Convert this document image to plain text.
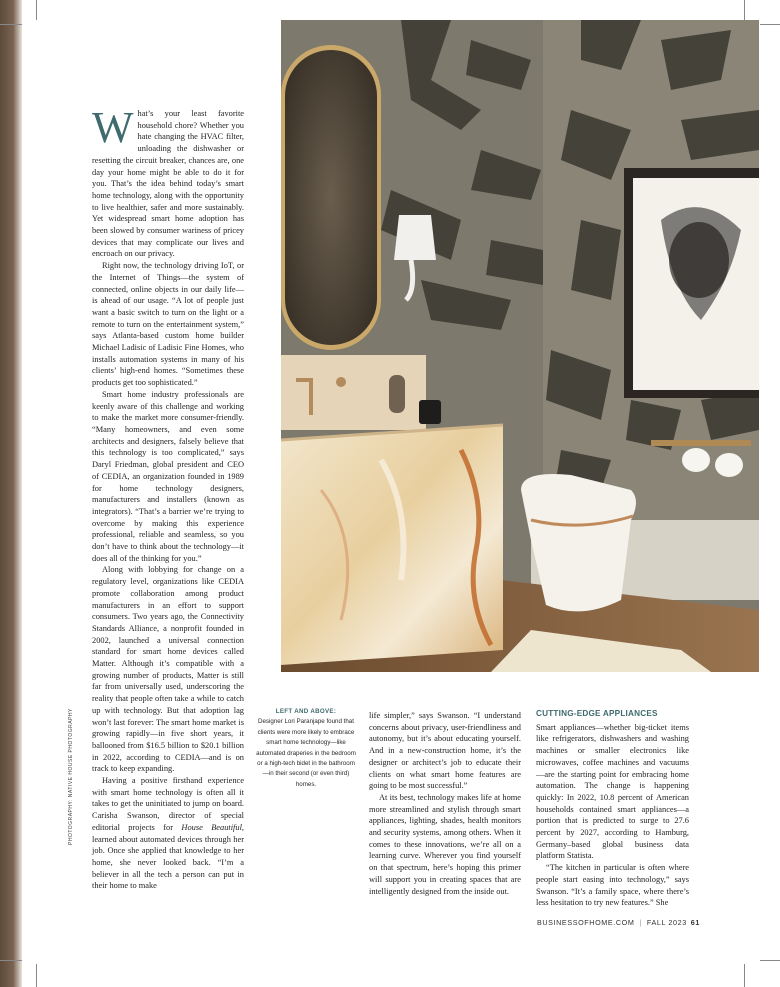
What’s your least favorite household chore? Whether you hate changing the HVAC filter, unloading the dishwasher or resetting the circuit breaker, chances are, one day your home might be able to do it for you. That’s the idea behind today’s smart home technology, along with the opportunity to live healthier, safer and more sustainably. Yet widespread smart home adoption has been slowed by consumer wariness of pricey devices that may complicate our lives and encroach on our privacy.

Right now, the technology driving IoT, or the Internet of Things—the system of connected, online objects in our daily life—is ahead of our usage. “A lot of people just want a basic switch to turn on the light or a remote to turn on the entertainment system,” says Atlanta-based custom home builder Michael Ladisic of Ladisic Fine Homes, who installs automation systems in many of his clients’ high-end homes. “Sometimes these products get too sophisticated.”

Smart home industry professionals are keenly aware of this challenge and working to make the market more consumer-friendly. “Many homeowners, and even some architects and designers, falsely believe that this technology is too complicated,” says Daryl Friedman, global president and CEO of CEDIA, an organization founded in 1989 for home technology designers, manufacturers and installers (known as integrators). “That’s a barrier we’re trying to overcome by making this experience professional, reliable and seamless, so you don’t have to think about the technology—it does all of the thinking for you.”

Along with lobbying for change on a regulatory level, organizations like CEDIA promote collaboration among product manufacturers in an effort to support consumers. Two years ago, the Connectivity Standards Alliance, a nonprofit founded in 2002, launched a universal connection standard for smart home devices called Matter. Although it’s compatible with a growing number of products, Matter is still far from universally used, underscoring the reality that people often take a while to catch up with technology. But that adoption lag won’t last forever: The smart home market is growing rapidly—in five short years, it ballooned from $16.5 billion to $20.1 billion in 2022, according to CEDIA—and is on track to keep expanding.

Having a positive firsthand experience with smart home technology is often all it takes to get the uninitiated to jump on board. Carisha Swanson, director of special editorial projects for House Beautiful, learned about automated devices through her job. Once she applied that knowledge to her home, she never looked back. “I’m a believer in all the tech a person can put in their home to make

LEFT AND ABOVE:
Designer Lori Paranjape found that clients were more likely to embrace smart home technology—like automated draperies in the bedroom or a high-tech bidet in the bathroom—in their second (or even third) homes.
PHOTOGRAPHY: NATIVE HOUSE PHOTOGRAPHY	life simpler,” says Swanson. “I understand concerns about privacy, user-friendliness and autonomy, but it’s about educating yourself. And in a new-construction home, it’s the designer or architect’s job to educate their clients on what smart home features are going to be most successful.”

At its best, technology makes life at home more streamlined and stylish through smart appliances, lighting, shades, health monitors and security systems, among others. When it comes to these innovations, we’re all on a learning curve. Wherever you find yourself on that spectrum, here’s hoping this primer will support you in creating spaces that are intelligently designed from the inside out.

CUTTING-EDGE APPLIANCES

Smart appliances—whether big-ticket items like refrigerators, dishwashers and washing machines or smaller electronics like microwaves, coffee machines and vacuums—are the starting point for embracing home automation. The change is happening quickly: In 2022, 10.8 percent of American households contained smart appliances—a portion that is predicted to surge to 27.6 percent by 2027, according to Hamburg, Germany–based global business data platform Statista.

“The kitchen in particular is often where people start easing into technology,” says Swanson. “It’s a family space, where there’s less hesitation to try new features.” She

BUSINESSOFHOME.COM | FALL 2023 61
